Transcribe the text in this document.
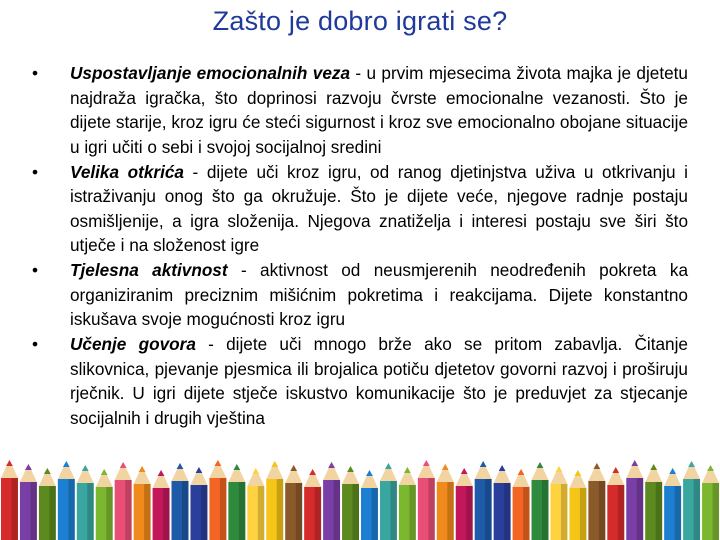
Zašto je dobro igrati se?
• Uspostavljanje emocionalnih veza - u prvim mjesecima života majka je djetetu najdraža igračka, što doprinosi razvoju čvrste emocionalne vezanosti. Što je dijete starije, kroz igru će steći sigurnost i kroz sve emocionalno obojane situacije u igri učiti o sebi i svojoj socijalnoj sredini
• Velika otkrića - dijete uči kroz igru, od ranog djetinjstva uživa u otkrivanju i istraživanju onog što ga okružuje. Što je dijete veće, njegove radnje postaju osmišljenije, a igra složenija. Njegova znatiželja i interesi postaju sve širi što utječe i na složenost igre
• Tjelesna aktivnost - aktivnost od neusmjerenih neodređenih pokreta ka organiziranim preciznim mišićnim pokretima i reakcijama. Dijete konstantno iskušava svoje mogućnosti kroz igru
• Učenje govora - dijete uči mnogo brže ako se pritom zabavlja. Čitanje slikovnica, pjevanje pjesmica ili brojalica potiču djetetov govorni razvoj i proširuju rječnik. U igri dijete stječe iskustvo komunikacije što je preduvjet za stjecanje socijalnih i drugih vještina
